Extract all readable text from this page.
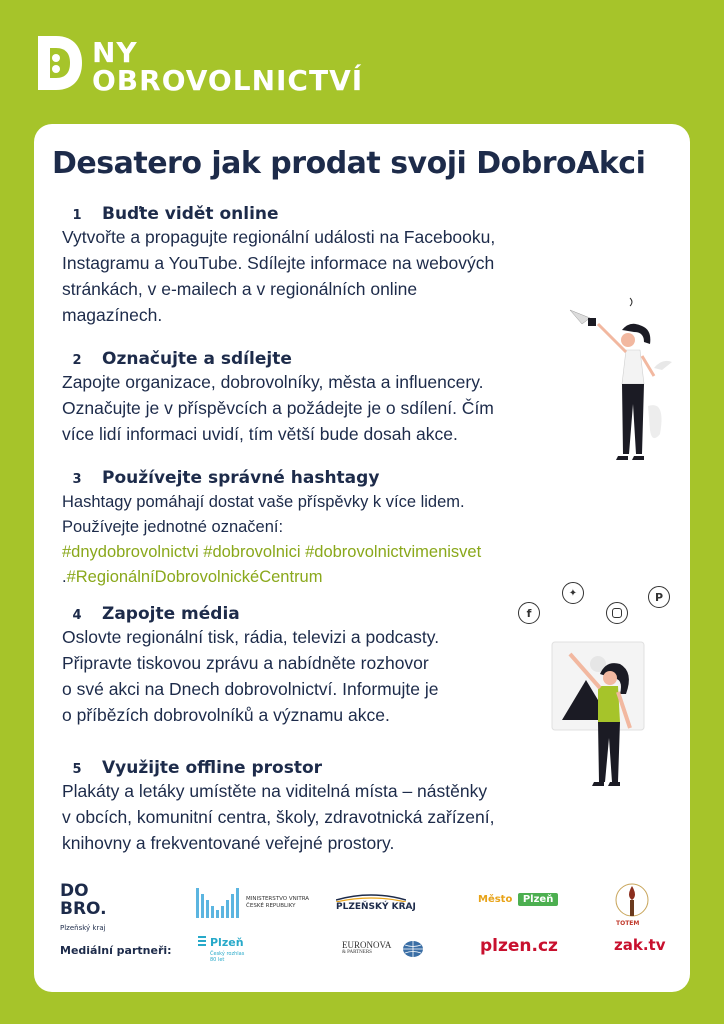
NY
OBROVOLNICTVÍ
Desatero jak prodat svoji DobroAkci
1 Buďte vidět online
Vytvořte a propagujte regionální události na Facebooku,
Instagramu a YouTube. Sdílejte informace na webových
stránkách, v e-mailech a v regionálních online
magazínech.
2 Označujte a sdílejte
Zapojte organizace, dobrovolníky, města a influencery.
Označujte je v příspěvcích a požádejte je o sdílení. Čím
více lidí informaci uvidí, tím větší bude dosah akce.
3 Používejte správné hashtagy
Hashtagy pomáhají dostat vaše příspěvky k více lidem.
Používejte jednotné označení:
#dnydobrovolnictvi #dobrovolnici #dobrovolnictvimenisvet
.#RegionálníDobrovolnickéCentrum
4 Zapojte média
Oslovte regionální tisk, rádia, televizi a podcasty.
Připravte tiskovou zprávu a nabídněte rozhovor
o své akci na Dnech dobrovolnictví. Informujte je
o příbězích dobrovolníků a významu akce.
5 Využijte offline prostor
Plakáty a letáky umístěte na viditelná místa – nástěnky
v obcích, komunitní centra, školy, zdravotnická zařízení,
knihovny a frekventované veřejné prostory.
f
✦	P
DO
BRO.
Plzeňský kraj
Mediální partneři:
MINISTERSTVO VNITRA ČESKÉ REPUBLIKY	PLZEŇSKÝ KRAJ
Město Plzeň
TOTEM
Plzeň
Český rozhlas
80 let
EURONOVA
& PARTNERS	plzen.cz	zak.tv
